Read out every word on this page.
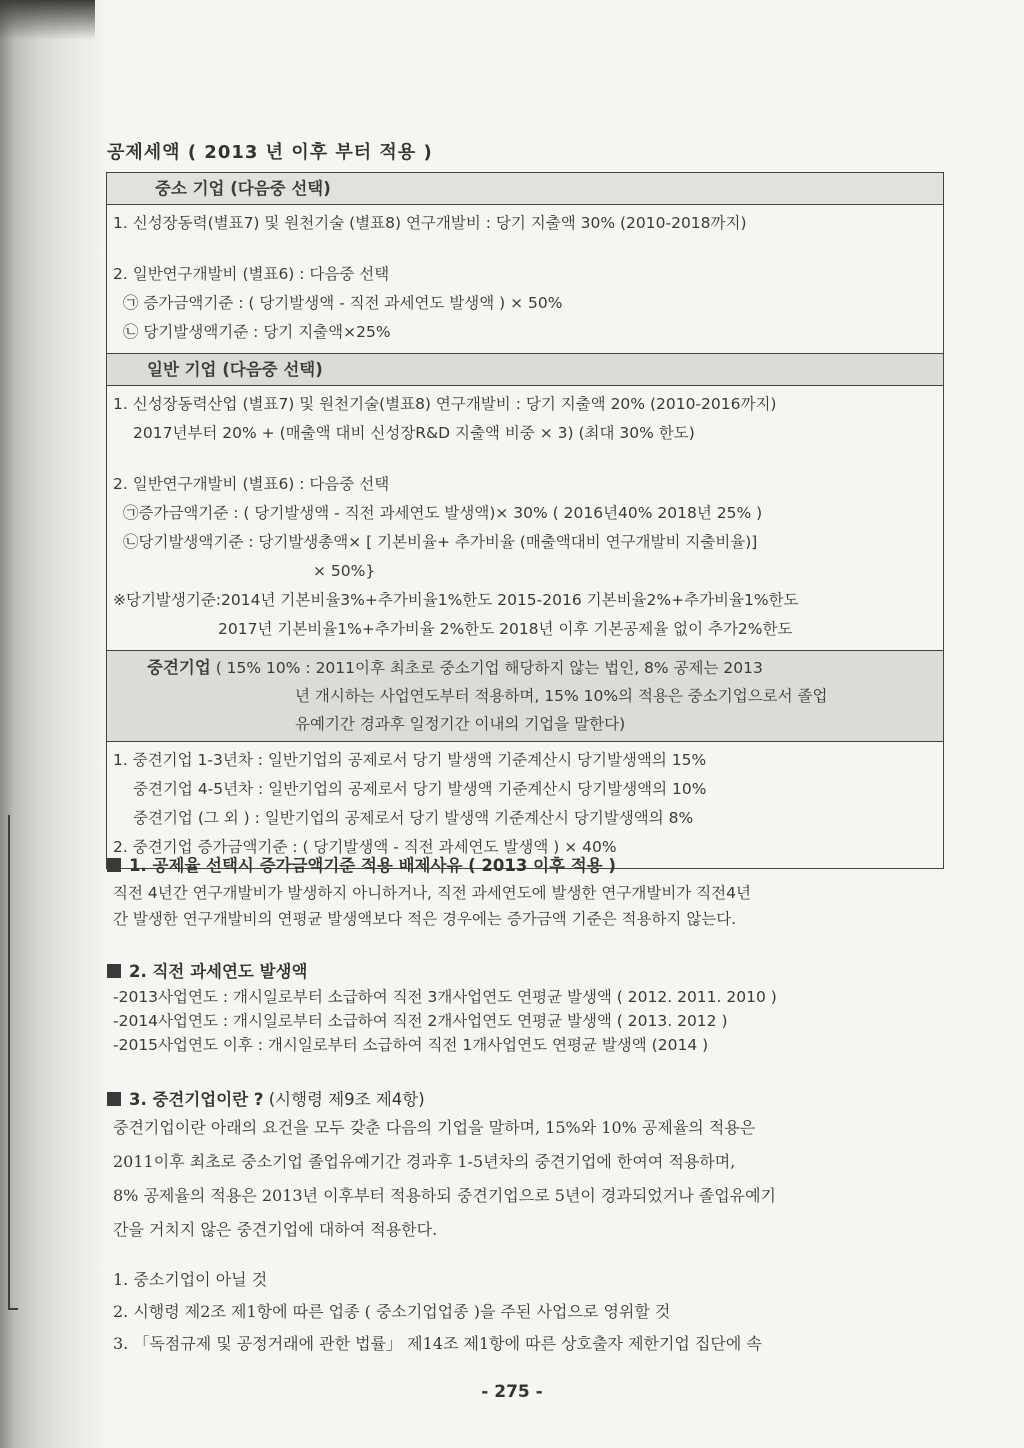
공제세액 ( 2013 년 이후 부터 적용 )
중소 기업 (다음중 선택)
1. 신성장동력(별표7) 및 원천기술 (별표8) 연구개발비 : 당기 지출액 30% (2010-2018까지)
2. 일반연구개발비 (별표6) : 다음중 선택
㉠ 증가금액기준 : ( 당기발생액 - 직전 과세연도 발생액 ) × 50%
㉡ 당기발생액기준 : 당기 지출액×25%
일반 기업 (다음중 선택)
1. 신성장동력산업 (별표7) 및 원천기술(별표8) 연구개발비 : 당기 지출액 20% (2010-2016까지)
2017년부터 20% + (매출액 대비 신성장R&D 지출액 비중 × 3) (최대 30% 한도)
2. 일반연구개발비 (별표6) : 다음중 선택
㉠증가금액기준 : ( 당기발생액 - 직전 과세연도 발생액)× 30% ( 2016년40% 2018년 25% )
㉡당기발생액기준 : 당기발생총액× [ 기본비율+ 추가비율 (매출액대비 연구개발비 지출비율)]
× 50%}
※당기발생기준:2014년 기본비율3%+추가비율1%한도 2015-2016 기본비율2%+추가비율1%한도
2017년 기본비율1%+추가비율 2%한도 2018년 이후 기본공제율 없이 추가2%한도
중견기업 ( 15% 10% : 2011이후 최초로 중소기업 해당하지 않는 법인, 8% 공제는 2013
년 개시하는 사업연도부터 적용하며, 15% 10%의 적용은 중소기업으로서 졸업
유예기간 경과후 일정기간 이내의 기업을 말한다)
1. 중견기업 1-3년차 : 일반기업의 공제로서 당기 발생액 기준계산시 당기발생액의 15%
중견기업 4-5년차 : 일반기업의 공제로서 당기 발생액 기준계산시 당기발생액의 10%
중견기업 (그 외 ) : 일반기업의 공제로서 당기 발생액 기준계산시 당기발생액의 8%
2. 중견기업 증가금액기준 : ( 당기발생액 - 직전 과세연도 발생액 ) × 40%
1. 공제율 선택시 증가금액기준 적용 배제사유 ( 2013 이후 적용 )
직전 4년간 연구개발비가 발생하지 아니하거나, 직전 과세연도에 발생한 연구개발비가 직전4년
간 발생한 연구개발비의 연평균 발생액보다 적은 경우에는 증가금액 기준은 적용하지 않는다.
2. 직전 과세연도 발생액
-2013사업연도 : 개시일로부터 소급하여 직전 3개사업연도 연평균 발생액 ( 2012. 2011. 2010 )
-2014사업연도 : 개시일로부터 소급하여 직전 2개사업연도 연평균 발생액 ( 2013. 2012 )
-2015사업연도 이후 : 개시일로부터 소급하여 직전 1개사업연도 연평균 발생액 (2014 )
3. 중견기업이란 ? (시행령 제9조 제4항)
중견기업이란 아래의 요건을 모두 갖춘 다음의 기업을 말하며, 15%와 10% 공제율의 적용은
2011이후 최초로 중소기업 졸업유예기간 경과후 1-5년차의 중견기업에 한여여 적용하며,
8% 공제율의 적용은 2013년 이후부터 적용하되 중견기업으로 5년이 경과되었거나 졸업유예기
간을 거치지 않은 중견기업에 대하여 적용한다.
1. 중소기업이 아닐 것
2. 시행령 제2조 제1항에 따른 업종 ( 중소기업업종 )을 주된 사업으로 영위할 것
3. 「독점규제 및 공정거래에 관한 법률」 제14조 제1항에 따른 상호출자 제한기업 집단에 속
- 275 -
